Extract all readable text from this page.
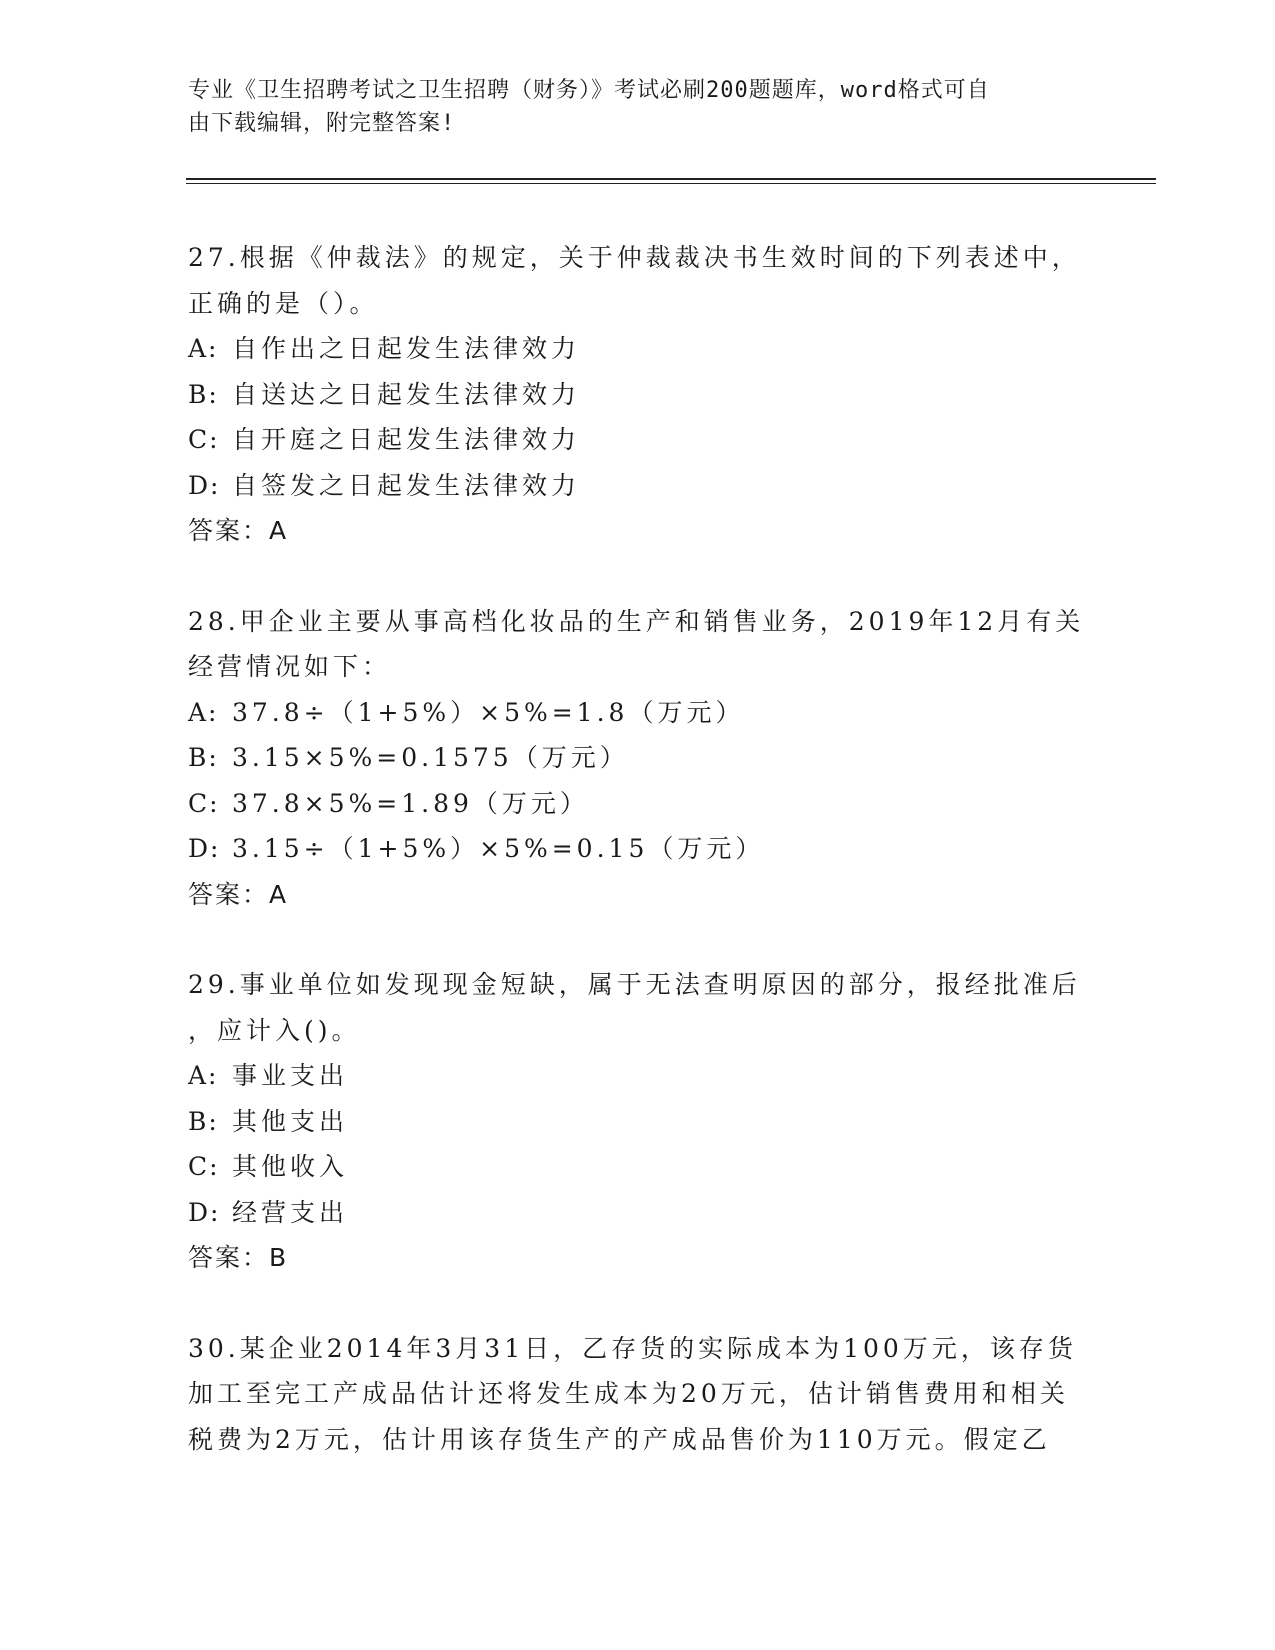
专业《卫生招聘考试之卫生招聘（财务）》考试必刷200题题库，word格式可自
由下载编辑，附完整答案!
27.根据《仲裁法》的规定，关于仲裁裁决书生效时间的下列表述中，
正确的是（）。
A: 自作出之日起发生法律效力
B: 自送达之日起发生法律效力
C: 自开庭之日起发生法律效力
D: 自签发之日起发生法律效力
答案：A
28.甲企业主要从事高档化妆品的生产和销售业务，2019年12月有关
经营情况如下：
A: 37.8÷（1+5%）×5%=1.8（万元）
B: 3.15×5%=0.1575（万元）
C: 37.8×5%=1.89（万元）
D: 3.15÷（1+5%）×5%=0.15（万元）
答案：A
29.事业单位如发现现金短缺，属于无法查明原因的部分，报经批准后
，应计入()。
A: 事业支出
B: 其他支出
C: 其他收入
D: 经营支出
答案：B
30.某企业2014年3月31日，乙存货的实际成本为100万元，该存货
加工至完工产成品估计还将发生成本为20万元，估计销售费用和相关
税费为2万元，估计用该存货生产的产成品售价为110万元。假定乙
